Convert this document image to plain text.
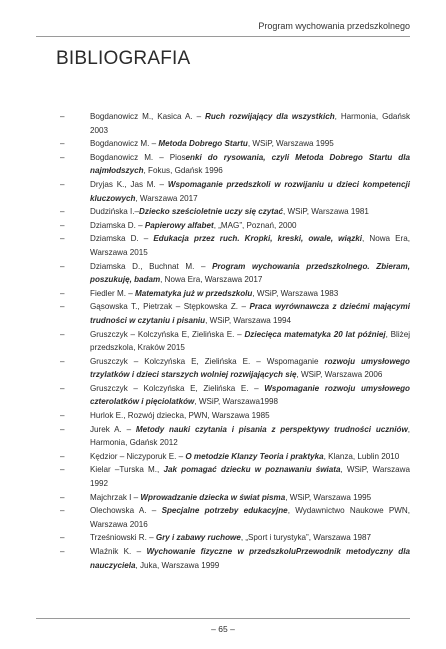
Program wychowania przedszkolnego
BIBLIOGRAFIA
–	Bogdanowicz M., Kasica A. – Ruch rozwijający dla wszystkich, Harmonia, Gdańsk 2003
–	Bogdanowicz M. – Metoda Dobrego Startu, WSiP, Warszawa 1995
–	Bogdanowicz M. – Piosenki do rysowania, czyli Metoda Dobrego Startu dla najmłodszych, Fokus, Gdańsk 1996
–	Dryjas K., Jas M. – Wspomaganie przedszkoli w rozwijaniu u dzieci kompetencji kluczowych, Warszawa 2017
–	Dudzińska I.–Dziecko sześcioletnie uczy się czytać, WSiP, Warszawa 1981
–	Dziamska D. – Papierowy alfabet, „MAG”, Poznań, 2000
–	Dziamska D. – Edukacja przez ruch. Kropki, kreski, owale, wiązki, Nowa Era, Warszawa 2015
–	Dziamska D., Buchnat M. – Program wychowania przedszkolnego. Zbieram, poszukuję, badam, Nowa Era, Warszawa 2017
–	Fiedler M. – Matematyka już w przedszkolu, WSiP, Warszawa 1983
–	Gąsowska T., Pietrzak – Stępkowska Z. – Praca wyrównawcza z dziećmi mającymi trudności w czytaniu i pisaniu, WSiP, Warszawa 1994
–	Gruszczyk – Kolczyńska E, Zielińska E. – Dziecięca matematyka 20 lat później, Bliżej przedszkola, Kraków 2015
–	Gruszczyk – Kolczyńska E, Zielińska E. – Wspomaganie rozwoju umysłowego trzylatków i dzieci starszych wolniej rozwijających się, WSiP, Warszawa 2006
–	Gruszczyk – Kolczyńska E, Zielińska E. – Wspomaganie rozwoju umysłowego czterolatków i pięciolatków, WSiP, Warszawa1998
–	Hurlok E., Rozwój dziecka, PWN, Warszawa 1985
–	Jurek A. – Metody nauki czytania i pisania z perspektywy trudności uczniów, Harmonia, Gdańsk 2012
–	Kędzior – Niczyporuk E. – O metodzie Klanzy Teoria i praktyka, Klanza, Lublin 2010
–	Kielar –Turska M., Jak pomagać dziecku w poznawaniu świata, WSiP, Warszawa 1992
–	Majchrzak I – Wprowadzanie dziecka w świat pisma, WSiP, Warszawa 1995
–	Olechowska A. – Specjalne potrzeby edukacyjne, Wydawnictwo Naukowe PWN, Warszawa 2016
–	Trześniowski R. – Gry i zabawy ruchowe, „Sport i turystyka”, Warszawa 1987
–	Wlaźnik K. – Wychowanie fizyczne w przedszkoluPrzewodnik metodyczny dla nauczyciela, Juka, Warszawa 1999
– 65 –
